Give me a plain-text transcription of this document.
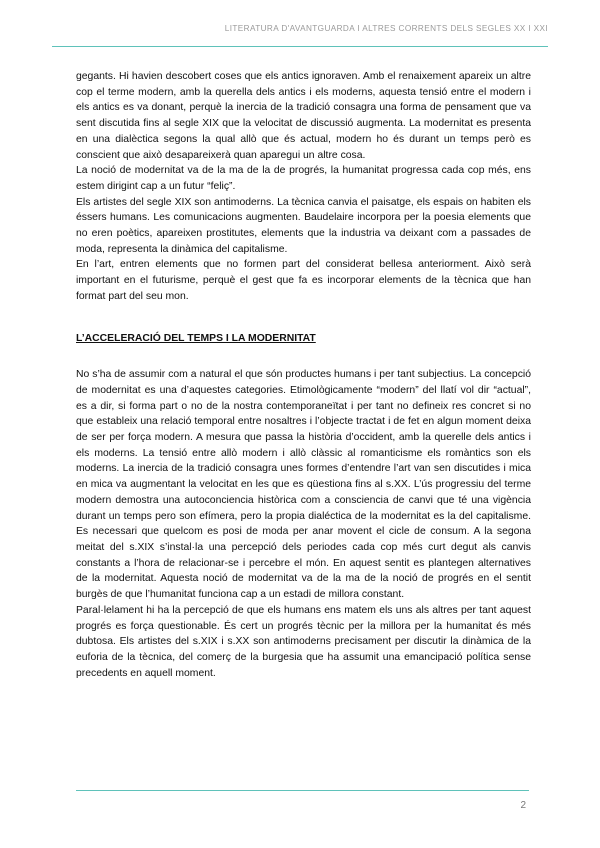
LITERATURA D'AVANTGUARDA I ALTRES CORRENTS DELS SEGLES XX I XXI

gegants. Hi havien descobert coses que els antics ignoraven. Amb el renaixement apareix un altre cop el terme modern, amb la querella dels antics i els moderns, aquesta tensió entre el modern i els antics es va donant, perquè la inercia de la tradició consagra una forma de pensament que va sent discutida fins al segle XIX que la velocitat de discussió augmenta. La modernitat es presenta en una dialèctica segons la qual allò que és actual, modern ho és durant un temps però es conscient que això desapareixerà quan aparegui un altre cosa.

La noció de modernitat va de la ma de la de progrés, la humanitat progressa cada cop més, ens estem dirigint cap a un futur “feliç”.

Els artistes del segle XIX son antimoderns. La tècnica canvia el paisatge, els espais on habiten els éssers humans. Les comunicacions augmenten. Baudelaire incorpora per la poesia elements que no eren poètics, apareixen prostitutes, elements que la industria va deixant com a passades de moda, representa la dinàmica del capitalisme.

En l’art, entren elements que no formen part del considerat bellesa anteriorment. Això serà important en el futurisme, perquè el gest que fa es incorporar elements de la tècnica que han format part del seu mon.

L’ACCELERACIÓ DEL TEMPS I LA MODERNITAT

No s’ha de assumir com a natural el que són productes humans i per tant subjectius. La concepció de modernitat es una d’aquestes categories. Etimològicamente “modern” del llatí vol dir “actual”, es a dir, si forma part o no de la nostra contemporaneïtat i per tant no defineix res concret si no que estableix una relació temporal entre nosaltres i l’objecte tractat i de fet en algun moment deixa de ser per força modern. A mesura que passa la història d’occident, amb la querelle dels antics i els moderns. La tensió entre allò modern i allò clàssic al romanticisme els romàntics son els moderns. La inercia de la tradició consagra unes formes d’entendre l’art van sen discutides i mica en mica va augmentant la velocitat en les que es qüestiona fins al s.XX. L’ús progressiu del terme modern demostra una autoconciencia històrica com a consciencia de canvi que té una vigència durant un temps pero son efímera, pero la propia dialéctica de la modernitat es la del capitalisme. Es necessari que quelcom es posi de moda per anar movent el cicle de consum. A la segona meitat del s.XIX s’instal·la una percepció dels periodes cada cop més curt degut als canvis constants a l’hora de relacionar-se i percebre el món. En aquest sentit es plantegen alternatives de la modernitat. Aquesta noció de modernitat va de la ma de la noció de progrés en el sentit burgès de que l’humanitat funciona cap a un estadi de millora constant.

Paral·lelament hi ha la percepció de que els humans ens matem els uns als altres per tant aquest progrés es força questionable. És cert un progrés tècnic per la millora per la humanitat és més dubtosa. Els artistes del s.XIX i s.XX son antimoderns precisament per discutir la dinàmica de la euforia de la tècnica, del comerç de la burgesia que ha assumit una emancipació política sense precedents en aquell moment.

2
